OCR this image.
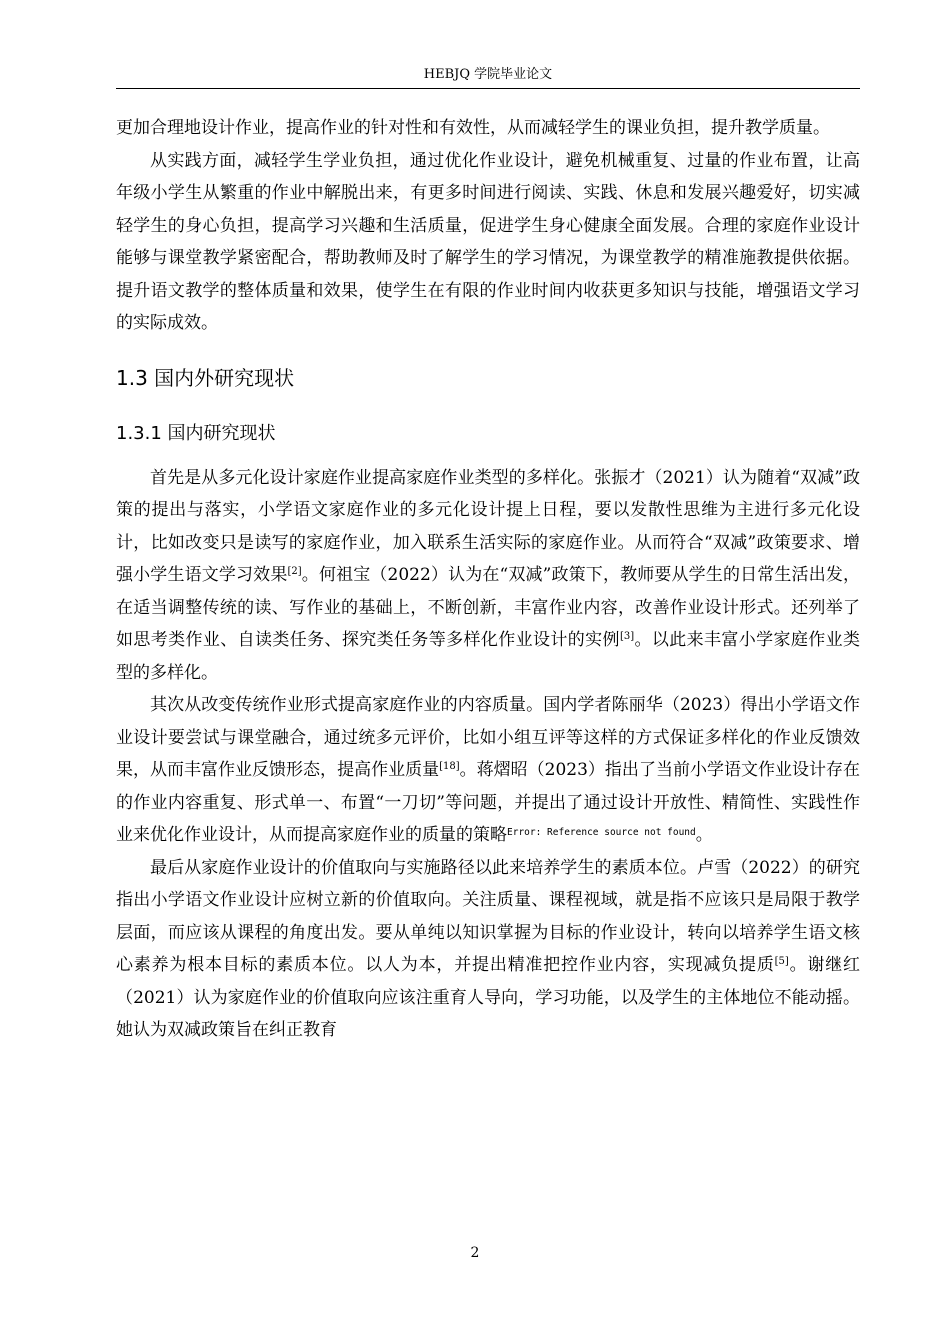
HEBJQ 学院毕业论文

更加合理地设计作业，提高作业的针对性和有效性，从而减轻学生的课业负担，提升教学质量。

从实践方面，减轻学生学业负担，通过优化作业设计，避免机械重复、过量的作业布置，让高年级小学生从繁重的作业中解脱出来，有更多时间进行阅读、实践、休息和发展兴趣爱好，切实减轻学生的身心负担，提高学习兴趣和生活质量，促进学生身心健康全面发展。合理的家庭作业设计能够与课堂教学紧密配合，帮助教师及时了解学生的学习情况，为课堂教学的精准施教提供依据。提升语文教学的整体质量和效果，使学生在有限的作业时间内收获更多知识与技能，增强语文学习的实际成效。

1.3 国内外研究现状
1.3.1 国内研究现状

首先是从多元化设计家庭作业提高家庭作业类型的多样化。张振才（2021）认为随着“双减”政策的提出与落实，小学语文家庭作业的多元化设计提上日程，要以发散性思维为主进行多元化设计，比如改变只是读写的家庭作业，加入联系生活实际的家庭作业。从而符合“双减”政策要求、增强小学生语文学习效果[2]。何祖宝（2022）认为在“双减”政策下，教师要从学生的日常生活出发，在适当调整传统的读、写作业的基础上，不断创新，丰富作业内容，改善作业设计形式。还列举了如思考类作业、自读类任务、探究类任务等多样化作业设计的实例[3]。以此来丰富小学家庭作业类型的多样化。

其次从改变传统作业形式提高家庭作业的内容质量。国内学者陈丽华（2023）得出小学语文作业设计要尝试与课堂融合，通过统多元评价，比如小组互评等这样的方式保证多样化的作业反馈效果，从而丰富作业反馈形态，提高作业质量[18]。蒋熠昭（2023）指出了当前小学语文作业设计存在的作业内容重复、形式单一、布置“一刀切”等问题，并提出了通过设计开放性、精简性、实践性作业来优化作业设计，从而提高家庭作业的质量的策略$^{Error: Reference source not found}$。

最后从家庭作业设计的价值取向与实施路径以此来培养学生的素质本位。卢雪（2022）的研究指出小学语文作业设计应树立新的价值取向。关注质量、课程视域，就是指不应该只是局限于教学层面，而应该从课程的角度出发。要从单纯以知识掌握为目标的作业设计，转向以培养学生语文核心素养为根本目标的素质本位。以人为本，并提出精准把控作业内容，实现减负提质[5]。谢继红（2021）认为家庭作业的价值取向应该注重育人导向，学习功能，以及学生的主体地位不能动摇。她认为双减政策旨在纠正教育

2
